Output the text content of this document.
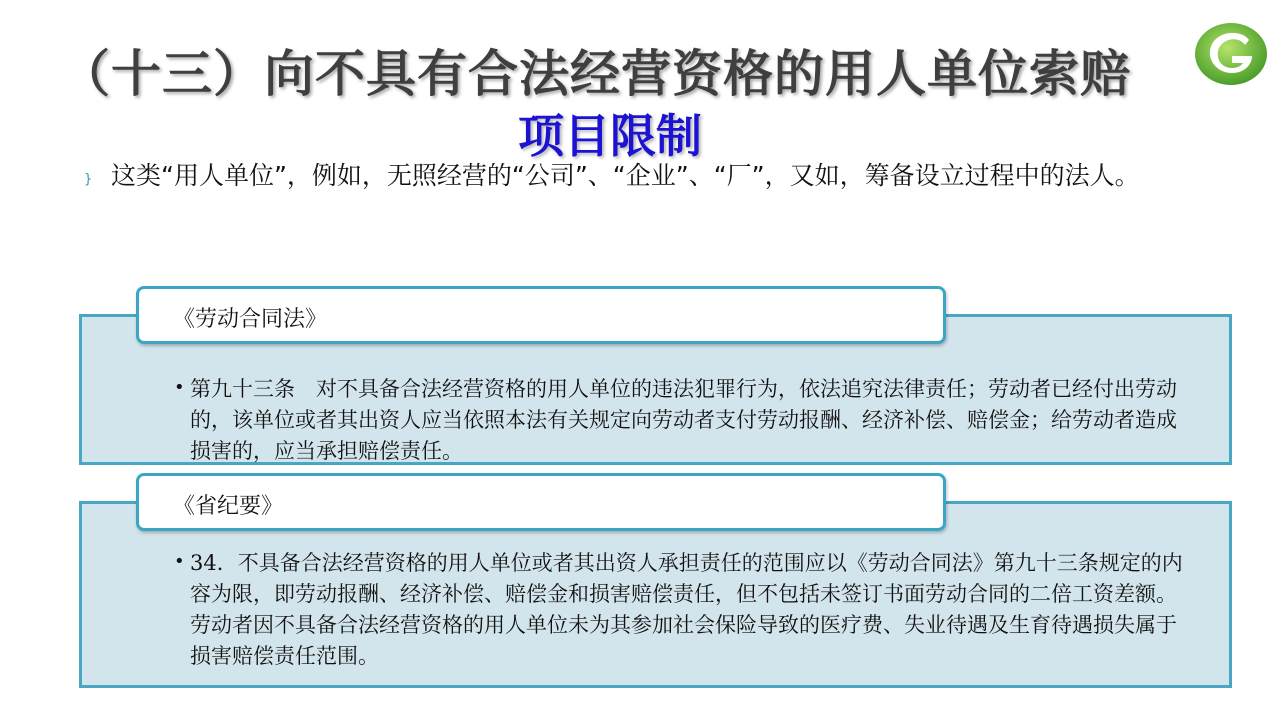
（十三）向不具有合法经营资格的用人单位索赔
项目限制
} 这类“用人单位”，例如，无照经营的“公司”、“企业”、“厂”，又如，筹备设立过程中的法人。
• 第九十三条　对不具备合法经营资格的用人单位的违法犯罪行为，依法追究法律责任；劳动者已经付出劳动的，该单位或者其出资人应当依照本法有关规定向劳动者支付劳动报酬、经济补偿、赔偿金；给劳动者造成损害的，应当承担赔偿责任。
《劳动合同法》
• 34．不具备合法经营资格的用人单位或者其出资人承担责任的范围应以《劳动合同法》第九十三条规定的内容为限，即劳动报酬、经济补偿、赔偿金和损害赔偿责任，但不包括未签订书面劳动合同的二倍工资差额。劳动者因不具备合法经营资格的用人单位未为其参加社会保险导致的医疗费、失业待遇及生育待遇损失属于损害赔偿责任范围。
《省纪要》
